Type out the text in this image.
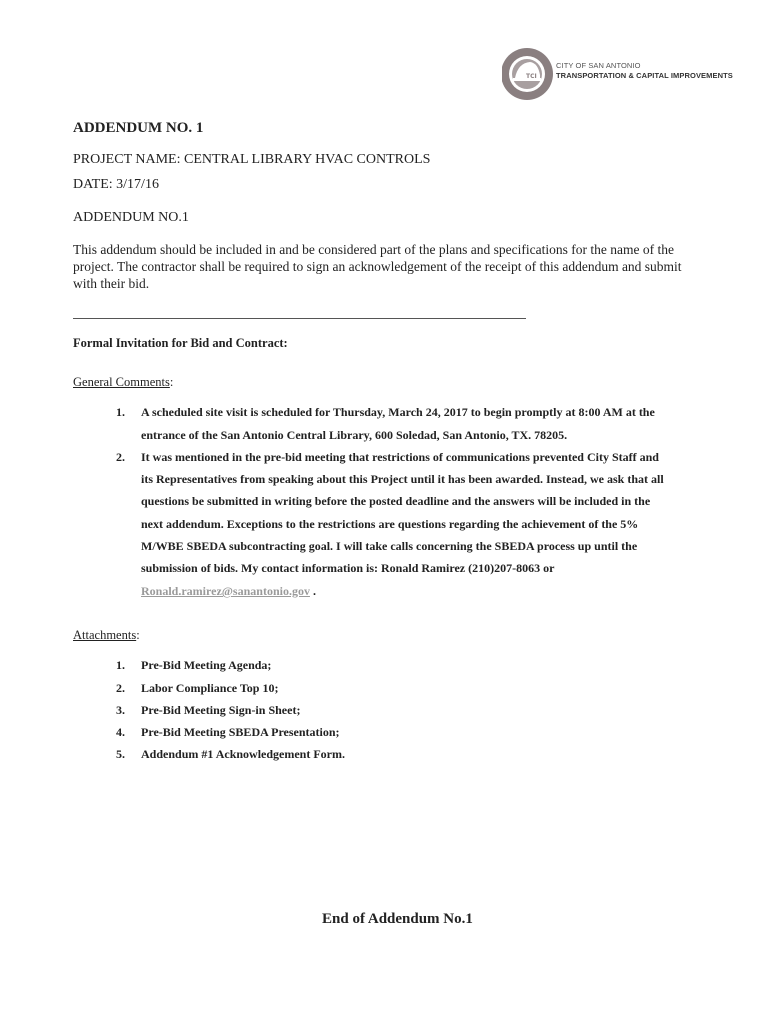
TCI
CITY OF SAN ANTONIO
TRANSPORTATION & CAPITAL IMPROVEMENTS
ADDENDUM NO. 1
PROJECT NAME: CENTRAL LIBRARY HVAC CONTROLS
DATE: 3/17/16
ADDENDUM NO.1
This addendum should be included in and be considered part of the plans and specifications for the name of the project. The contractor shall be required to sign an acknowledgement of the receipt of this addendum and submit with their bid.
Formal Invitation for Bid and Contract:
General Comments:
1. A scheduled site visit is scheduled for Thursday, March 24, 2017 to begin promptly at 8:00 AM at the
entrance of the San Antonio Central Library, 600 Soledad, San Antonio, TX. 78205.
2. It was mentioned in the pre-bid meeting that restrictions of communications prevented City Staff and
its Representatives from speaking about this Project until it has been awarded. Instead, we ask that all
questions be submitted in writing before the posted deadline and the answers will be included in the
next addendum. Exceptions to the restrictions are questions regarding the achievement of the 5%
M/WBE SBEDA subcontracting goal. I will take calls concerning the SBEDA process up until the
submission of bids. My contact information is: Ronald Ramirez (210)207-8063 or
Ronald.ramirez@sanantonio.gov .
Attachments:
1. Pre-Bid Meeting Agenda;
2. Labor Compliance Top 10;
3. Pre-Bid Meeting Sign-in Sheet;
4. Pre-Bid Meeting SBEDA Presentation;
5. Addendum #1 Acknowledgement Form.
End of Addendum No.1
